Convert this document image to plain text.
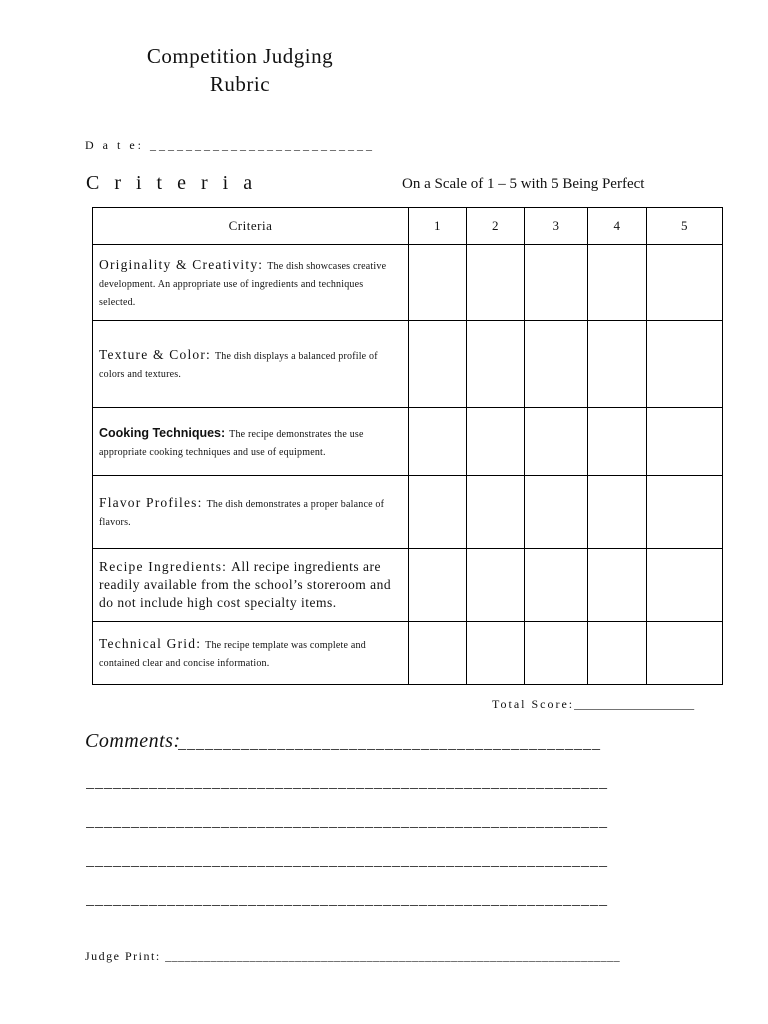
Competition Judging
Rubric
D a t e: _________________________
C r i t e r i a	On a Scale of 1 – 5 with 5 Being Perfect
Criteria	1	2	3	4	5
Originality & Creativity: The dish showcases creative development. An appropriate use of ingredients and techniques selected.					
Texture & Color: The dish displays a balanced profile of colors and textures.					
Cooking Techniques: The recipe demonstrates the use appropriate cooking techniques and use of equipment.					
Flavor Profiles: The dish demonstrates a proper balance of flavors.					
Recipe Ingredients: All recipe ingredients are readily available from the school’s storeroom and do not include high cost specialty items.					
Technical Grid: The recipe template was complete and contained clear and concise information.					
Total Score:____________________
Comments:
_______________________________________________
__________________________________________________________
__________________________________________________________
__________________________________________________________
__________________________________________________________
Judge Print: ______________________________________________________________________
